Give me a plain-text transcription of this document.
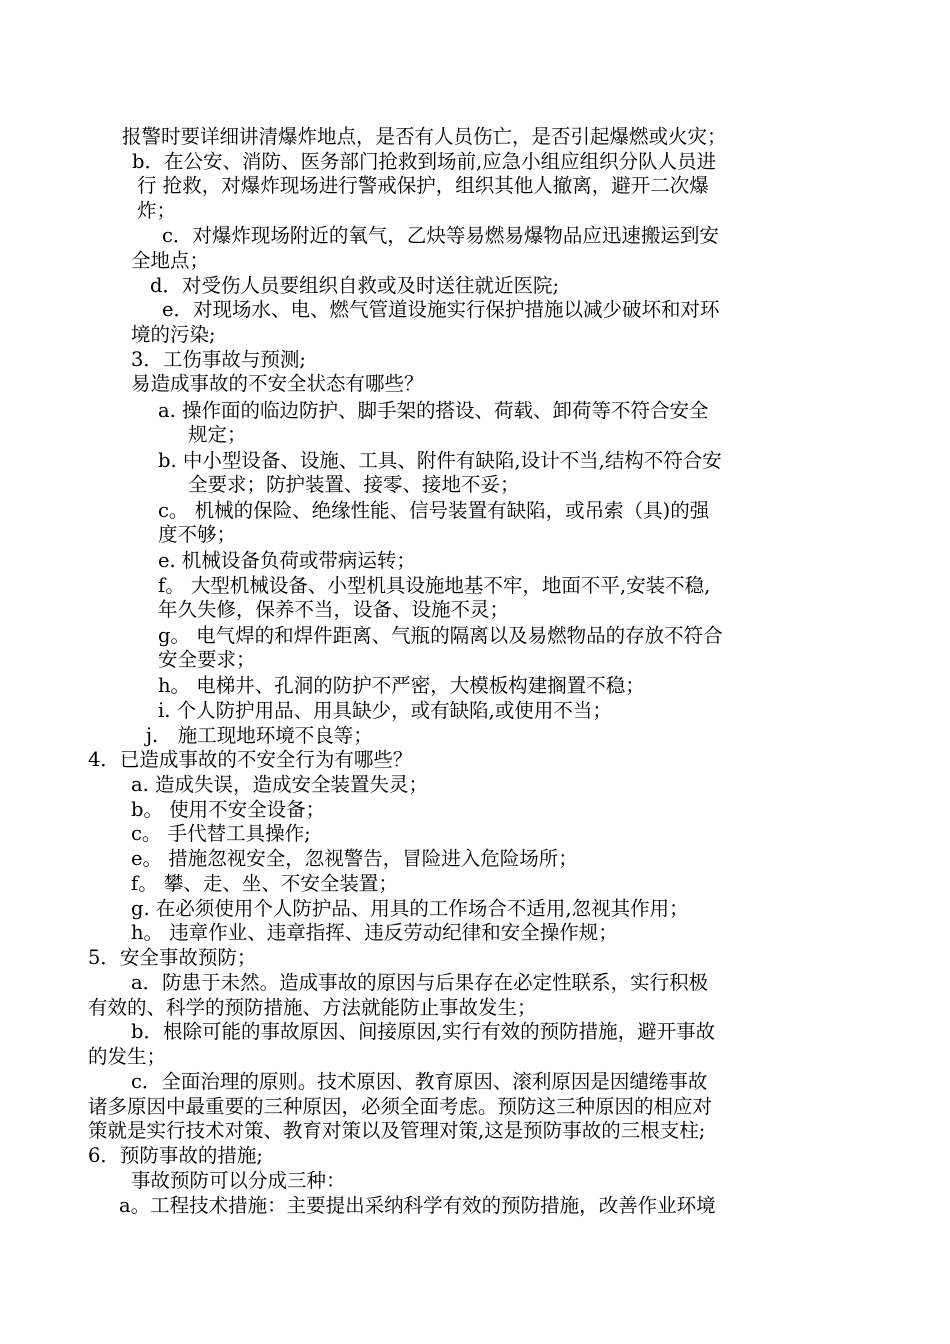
报警时要详细讲清爆炸地点，是否有人员伤亡，是否引起爆燃或火灾；
b．在公安、消防、医务部门抢救到场前,应急小组应组织分队人员进
行 抢救，对爆炸现场进行警戒保护，组织其他人撤离，避开二次爆
炸；
c．对爆炸现场附近的氧气，乙炔等易燃易爆物品应迅速搬运到安
全地点；
d．对受伤人员要组织自救或及时送往就近医院;
e．对现场水、电、燃气管道设施实行保护措施以减少破坏和对环
境的污染;
3．工伤事故与预测;
易造成事故的不安全状态有哪些？
a. 操作面的临边防护、脚手架的搭设、荷载、卸荷等不符合安全
规定；
b. 中小型设备、设施、工具、附件有缺陷,设计不当,结构不符合安
全要求；防护装置、接零、接地不妥；
c。 机械的保险、绝缘性能、信号装置有缺陷，或吊索（具)的强
度不够；
e. 机械设备负荷或带病运转；
f。 大型机械设备、小型机具设施地基不牢，地面不平,安装不稳,
年久失修，保养不当，设备、设施不灵；
g。 电气焊的和焊件距离、气瓶的隔离以及易燃物品的存放不符合
安全要求；
h。 电梯井、孔洞的防护不严密，大模板构建搁置不稳；
i. 个人防护用品、用具缺少，或有缺陷,或使用不当；
j.　施工现地环境不良等；
4．已造成事故的不安全行为有哪些？
a. 造成失误，造成安全装置失灵；
b。 使用不安全设备；
c。 手代替工具操作;
e。 措施忽视安全，忽视警告，冒险进入危险场所；
f。 攀、走、坐、不安全装置；
g. 在必须使用个人防护品、用具的工作场合不适用,忽视其作用；
h。 违章作业、违章指挥、违反劳动纪律和安全操作规；
5．安全事故预防；
a．防患于未然。造成事故的原因与后果存在必定性联系，实行积极
有效的、科学的预防措施、方法就能防止事故发生；
b．根除可能的事故原因、间接原因,实行有效的预防措施，避开事故
的发生；
c．全面治理的原则。技术原因、教育原因、滚利原因是因缱绻事故
诸多原因中最重要的三种原因，必须全面考虑。预防这三种原因的相应对
策就是实行技术对策、教育对策以及管理对策,这是预防事故的三根支柱;
6．预防事故的措施;
事故预防可以分成三种：
a。工程技术措施：主要提出采纳科学有效的预防措施，改善作业环境
